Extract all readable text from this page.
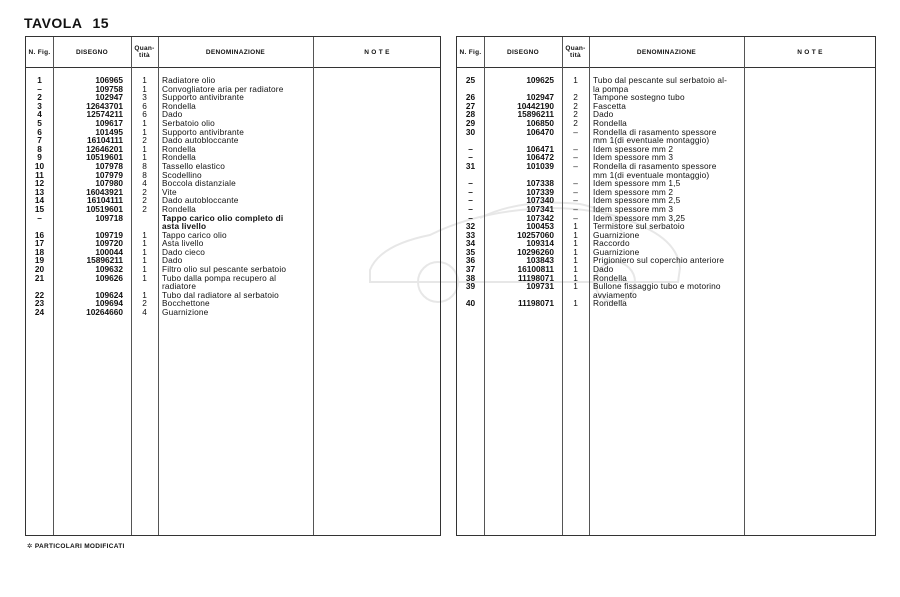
TAVOLA 15
N. Fig.	DISEGNO	Quan- tità	DENOMINAZIONE	N O T E
1	106965	1	Radiatore olio
–	109758	1	Convogliatore aria per radiatore
2	102947	3	Supporto antivibrante
3	12643701	6	Rondella
4	12574211	6	Dado
5	109617	1	Serbatoio olio
6	101495	1	Supporto antivibrante
7	16104111	2	Dado autobloccante
8	12646201	1	Rondella
9	10519601	1	Rondella
10	107978	8	Tassello elastico
11	107979	8	Scodellino
12	107980	4	Boccola distanziale
13	16043921	2	Vite
14	16104111	2	Dado autobloccante
15	10519601	2	Rondella
–	109718	Tappo carico olio completo di
asta livello
16	109719	1	Tappo carico olio
17	109720	1	Asta livello
18	100044	1	Dado cieco
19	15896211	1	Dado
20	109632	1	Filtro olio sul pescante serbatoio
21	109626	1	Tubo dalla pompa recupero al
radiatore
22	109624	1	Tubo dal radiatore al serbatoio
23	109694	2	Bocchettone
24	10264660	4	Guarnizione
N. Fig.	DISEGNO	Quan- tità	DENOMINAZIONE	N O T E
25	109625	1	Tubo dal pescante sul serbatoio al-
la pompa
26	102947	2	Tampone sostegno tubo
27	10442190	2	Fascetta
28	15896211	2	Dado
29	106850	2	Rondella
30	106470	–	Rondella di rasamento spessore
mm 1(di eventuale montaggio)
–	106471	–	Idem spessore mm 2
–	106472	–	Idem spessore mm 3
31	101039	–	Rondella di rasamento spessore
mm 1(di eventuale montaggio)
–	107338	–	Idem spessore mm 1,5
–	107339	–	Idem spessore mm 2
–	107340	–	Idem spessore mm 2,5
–	107341	–	Idem spessore mm 3
–	107342	–	Idem spessore mm 3,25
32	100453	1	Termistore sul serbatoio
33	10257060	1	Guarnizione
34	109314	1	Raccordo
35	10296260	1	Guarnizione
36	103843	1	Prigioniero sul coperchio anteriore
37	16100811	1	Dado
38	11198071	1	Rondella
39	109731	1	Bullone fissaggio tubo e motorino
avviamento
40	11198071	1	Rondella
✲ PARTICOLARI MODIFICATI
